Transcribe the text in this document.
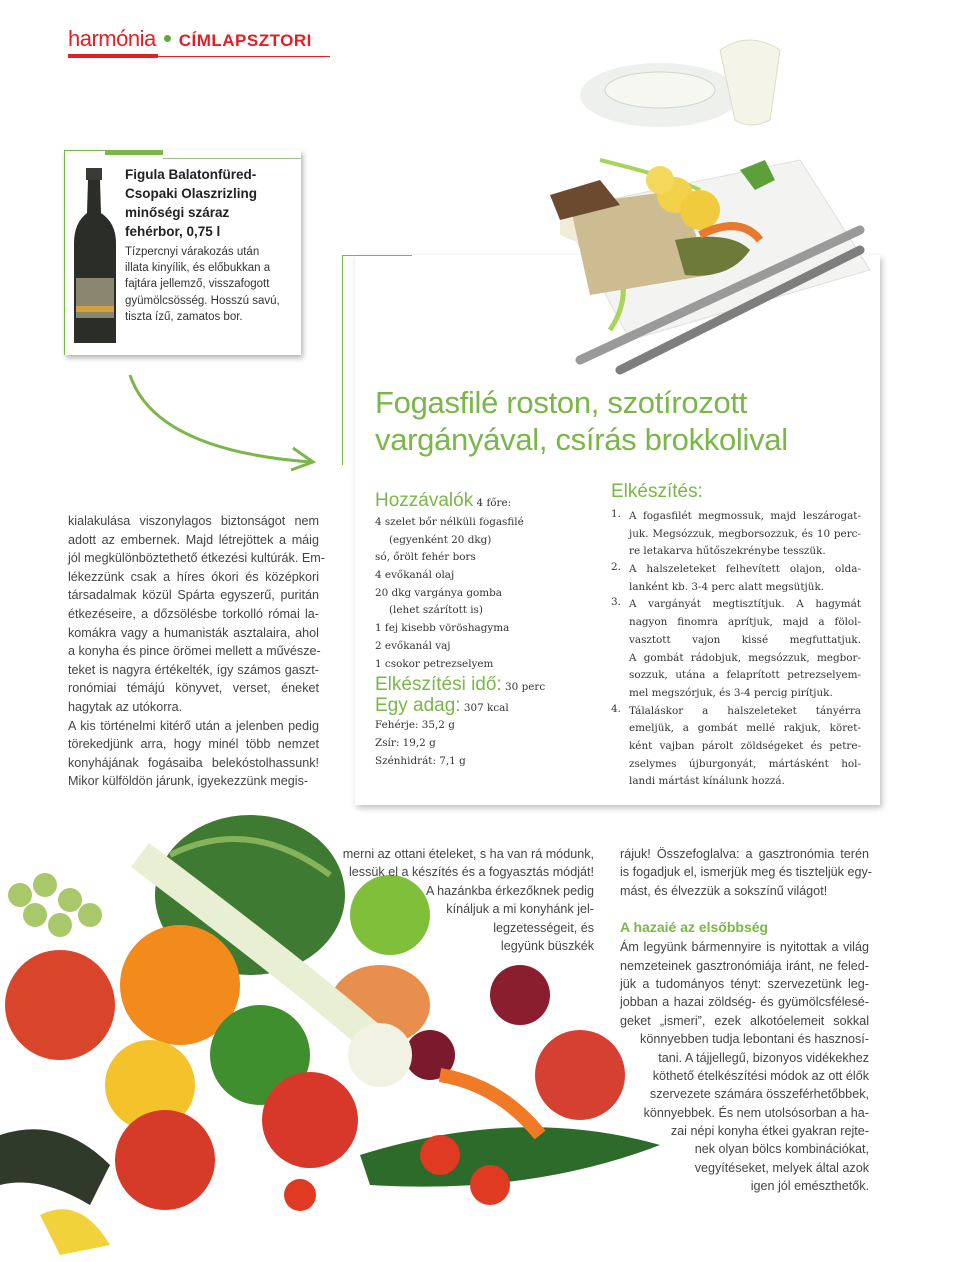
harmónia CÍMLAPSZTORI
Figula Balatonfüred-
Csopaki Olaszrizling
minőségi száraz
fehérbor, 0,75 l
Tízpercnyi várakozás után
illata kinyílik, és előbukkan a
fajtára jellemző, visszafogott
gyümölcsösség. Hosszú savú,
tiszta ízű, zamatos bor.
kialakulása viszonylagos biztonságot nem
adott az embernek. Majd létrejöttek a máig
jól megkülönböztethető étkezési kultúrák. Em-
lékezzünk csak a híres ókori és középkori
társadalmak közül Spárta egyszerű, puritán
étkezéseire, a dőzsölésbe torkolló római la-
komákra vagy a humanisták asztalaira, ahol
a konyha és pince örömei mellett a művésze-
teket is nagyra értékelték, így számos gaszt-
ronómiai témájú könyvet, verset, éneket
hagytak az utókorra.
A kis történelmi kitérő után a jelenben pedig
törekedjünk arra, hogy minél több nemzet
konyhájának fogásaiba belekóstolhassunk!
Mikor külföldön járunk, igyekezzünk megis-
Fogasfilé roston, szotírozott
vargányával, csírás brokkolival
Hozzávalók 4 főre:
4 szelet bőr nélküli fogasfilé
(egyenként 20 dkg)
só, őrölt fehér bors
4 evőkanál olaj
20 dkg vargánya gomba
(lehet szárított is)
1 fej kisebb vöröshagyma
2 evőkanál vaj
1 csokor petrezselyem
Elkészítési idő: 30 perc
Egy adag: 307 kcal
Fehérje: 35,2 g
Zsír: 19,2 g
Szénhidrát: 7,1 g
Elkészítés:
1. A fogasfilét megmossuk, majd leszárogat-
juk. Megsózzuk, megborsozzuk, és 10 perc-
re letakarva hűtőszekrénybe tesszük.
2. A halszeleteket felhevített olajon, olda-
lanként kb. 3-4 perc alatt megsütjük.
3. A vargányát megtisztítjuk. A hagymát
nagyon finomra aprítjuk, majd a fölol-
vasztott vajon kissé megfuttatjuk.
A gombát rádobjuk, megsózzuk, megbor-
sozzuk, utána a felaprított petrezselyem-
mel megszórjuk, és 3-4 percig pirítjuk.
4. Tálaláskor a halszeleteket tányérra
emeljük, a gombát mellé rakjuk, köret-
ként vajban párolt zöldségeket és petre-
zselymes újburgonyát, mártásként hol-
landi mártást kínálunk hozzá.
merni az ottani ételeket, s ha van rá módunk,
lessük el a készítés és a fogyasztás módját!
A hazánkba érkezőknek pedig
kínáljuk a mi konyhánk jel-
legzetességeit, és
legyünk büszkék
rájuk! Összefoglalva: a gasztronómia terén
is fogadjuk el, ismerjük meg és tiszteljük egy-
mást, és élvezzük a sokszínű világot!
A hazaié az elsőbbség
Ám legyünk bármennyire is nyitottak a világ
nemzeteinek gasztronómiája iránt, ne feled-
jük a tudományos tényt: szervezetünk leg-
jobban a hazai zöldség- és gyümölcsfélesé-
geket „ismeri”, ezek alkotóelemeit sokkal
könnyebben tudja lebontani és hasznosí-
tani. A tájjellegű, bizonyos vidékekhez
köthető ételkészítési módok az ott élők
szervezete számára összeférhetőbbek,
könnyebbek. És nem utolsósorban a ha-
zai népi konyha étkei gyakran rejte-
nek olyan bölcs kombinációkat,
vegyítéseket, melyek által azok
igen jól emészthetők.
